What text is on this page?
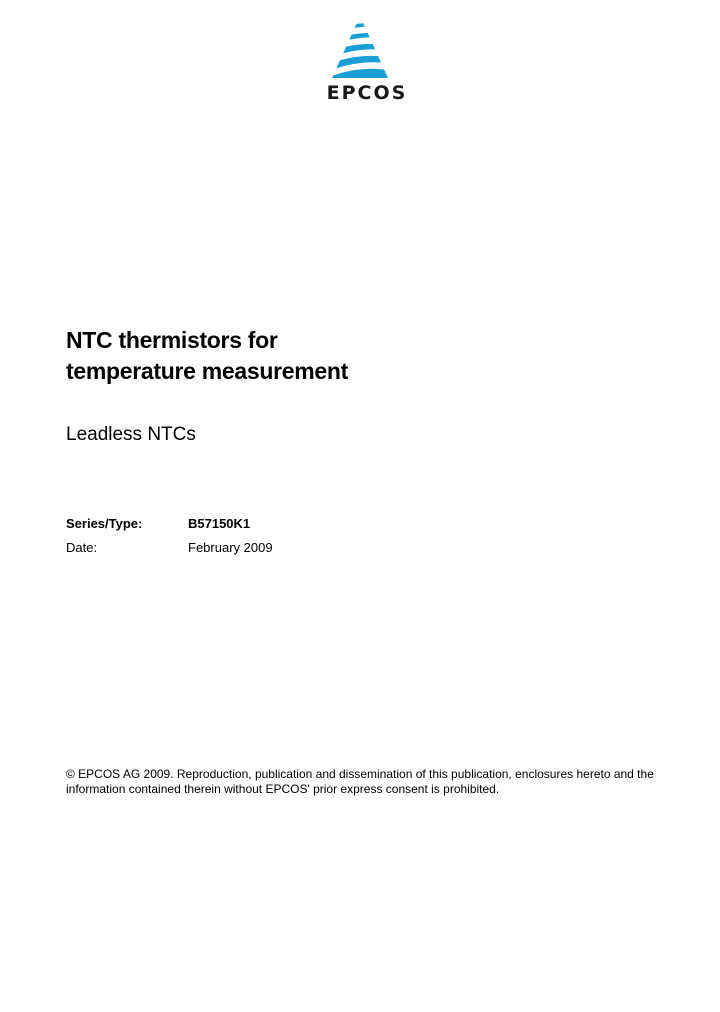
EPCOS
NTC thermistors for
temperature measurement
Leadless NTCs
Series/Type:	B57150K1
Date:	February 2009
© EPCOS AG 2009. Reproduction, publication and dissemination of this publication, enclosures hereto and the
information contained therein without EPCOS' prior express consent is prohibited.
